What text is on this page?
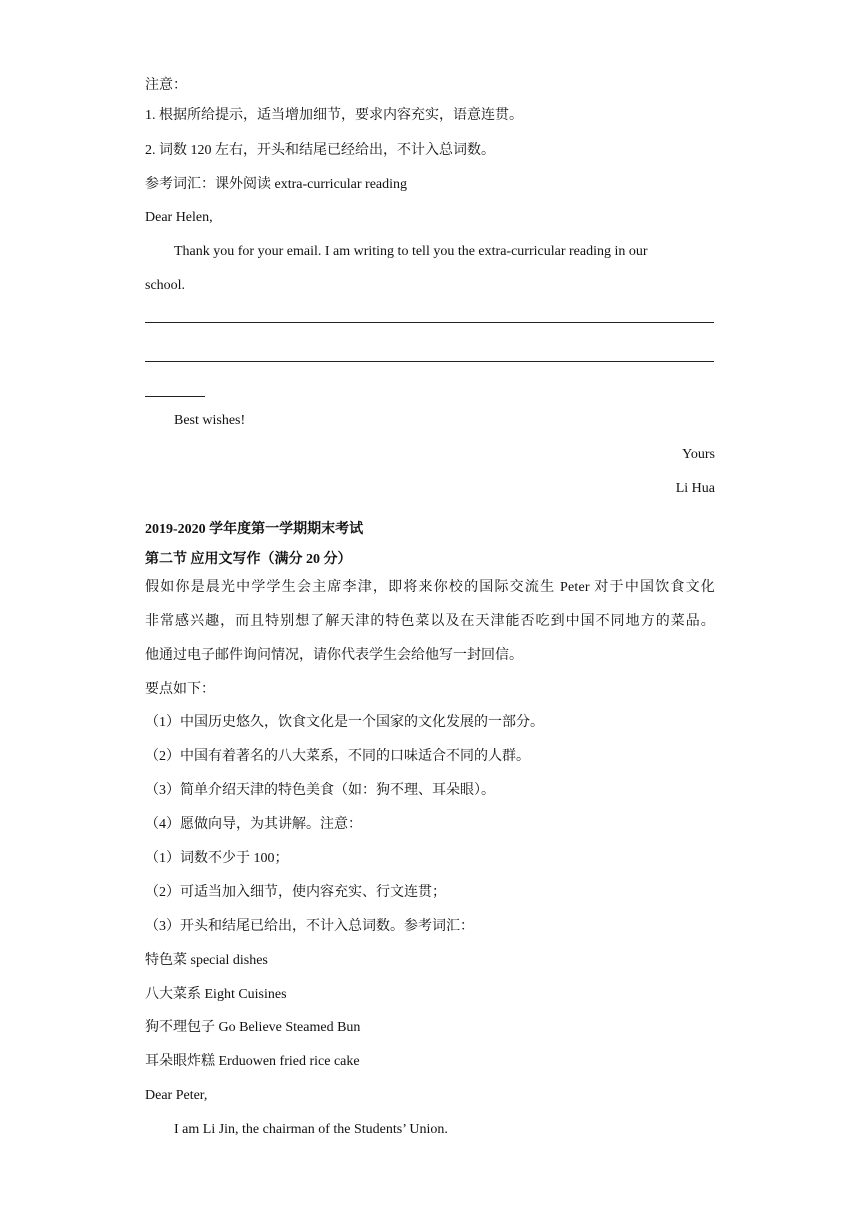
注意：
1. 根据所给提示，适当增加细节，要求内容充实，语意连贯。
2. 词数 120 左右，开头和结尾已经给出，不计入总词数。
参考词汇：课外阅读 extra-curricular reading
Dear Helen,
Thank you for your email. I am writing to tell you the extra-curricular reading in our
school.
Best wishes!
Yours
Li Hua
2019-2020 学年度第一学期期末考试
第二节 应用文写作（满分 20 分）
假如你是晨光中学学生会主席李津，即将来你校的国际交流生 Peter 对于中国饮食文化
非常感兴趣，而且特别想了解天津的特色菜以及在天津能否吃到中国不同地方的菜品。
他通过电子邮件询问情况，请你代表学生会给他写一封回信。
要点如下：
（1）中国历史悠久，饮食文化是一个国家的文化发展的一部分。
（2）中国有着著名的八大菜系，不同的口味适合不同的人群。
（3）简单介绍天津的特色美食（如：狗不理、耳朵眼）。
（4）愿做向导，为其讲解。注意：
（1）词数不少于 100；
（2）可适当加入细节，使内容充实、行文连贯；
（3）开头和结尾已给出，不计入总词数。参考词汇：
特色菜 special dishes
八大菜系 Eight Cuisines
狗不理包子 Go Believe Steamed Bun
耳朵眼炸糕 Erduowen fried rice cake
Dear Peter,
I am Li Jin, the chairman of the Students’ Union.
